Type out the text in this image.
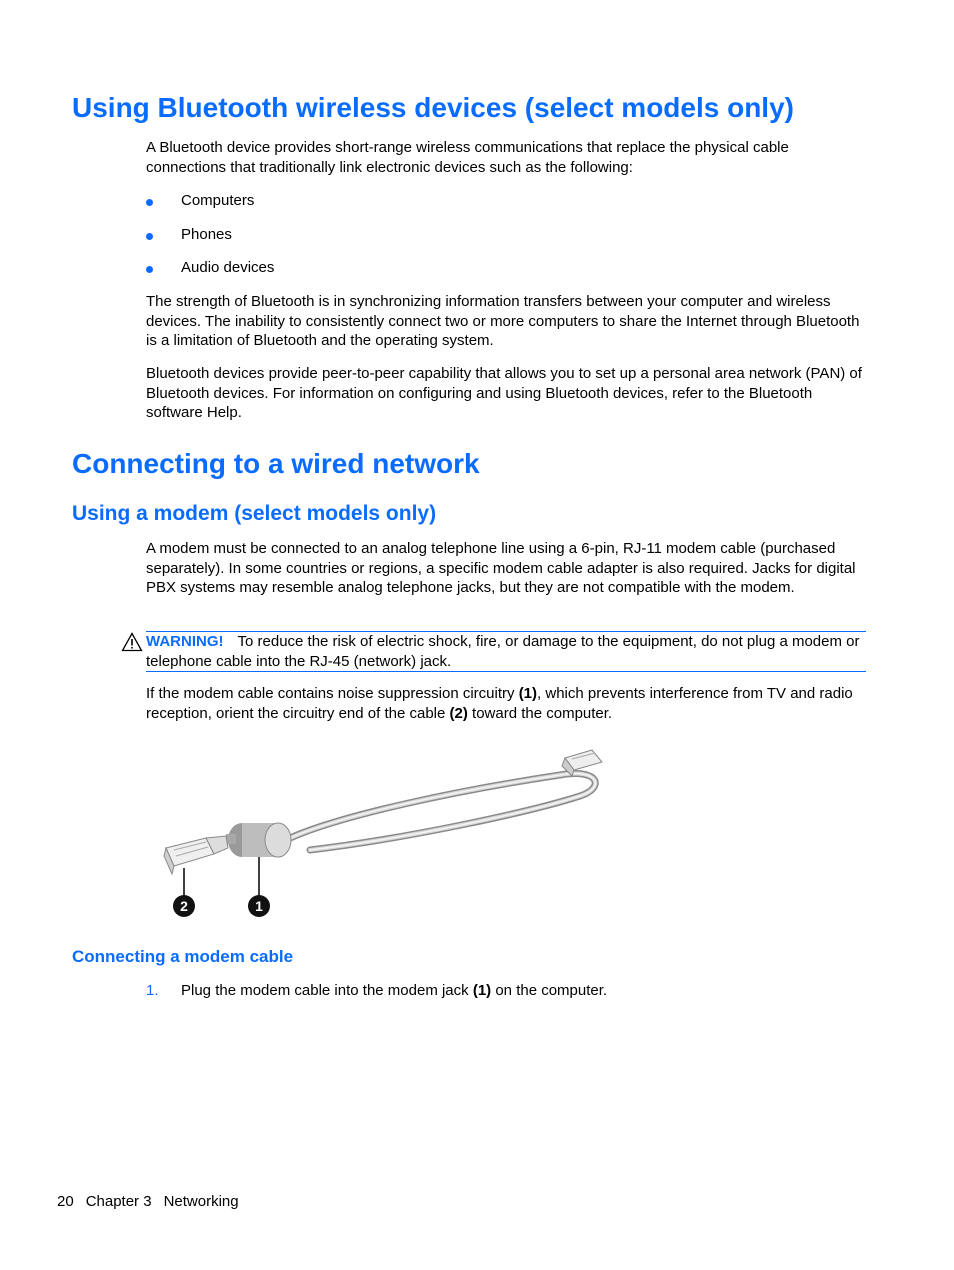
Using Bluetooth wireless devices (select models only)

A Bluetooth device provides short-range wireless communications that replace the physical cable connections that traditionally link electronic devices such as the following:

Computers
Phones
Audio devices

The strength of Bluetooth is in synchronizing information transfers between your computer and wireless devices. The inability to consistently connect two or more computers to share the Internet through Bluetooth is a limitation of Bluetooth and the operating system.

Bluetooth devices provide peer-to-peer capability that allows you to set up a personal area network (PAN) of Bluetooth devices. For information on configuring and using Bluetooth devices, refer to the Bluetooth software Help.

Connecting to a wired network
Using a modem (select models only)

A modem must be connected to an analog telephone line using a 6-pin, RJ-11 modem cable (purchased separately). In some countries or regions, a specific modem cable adapter is also required. Jacks for digital PBX systems may resemble analog telephone jacks, but they are not compatible with the modem.

WARNING! To reduce the risk of electric shock, fire, or damage to the equipment, do not plug a modem or telephone cable into the RJ-45 (network) jack.

If the modem cable contains noise suppression circuitry (1), which prevents interference from TV and radio reception, orient the circuitry end of the cable (2) toward the computer.

2	1
Connecting a modem cable

1. Plug the modem cable into the modem jack (1) on the computer.

20 Chapter 3 Networking
